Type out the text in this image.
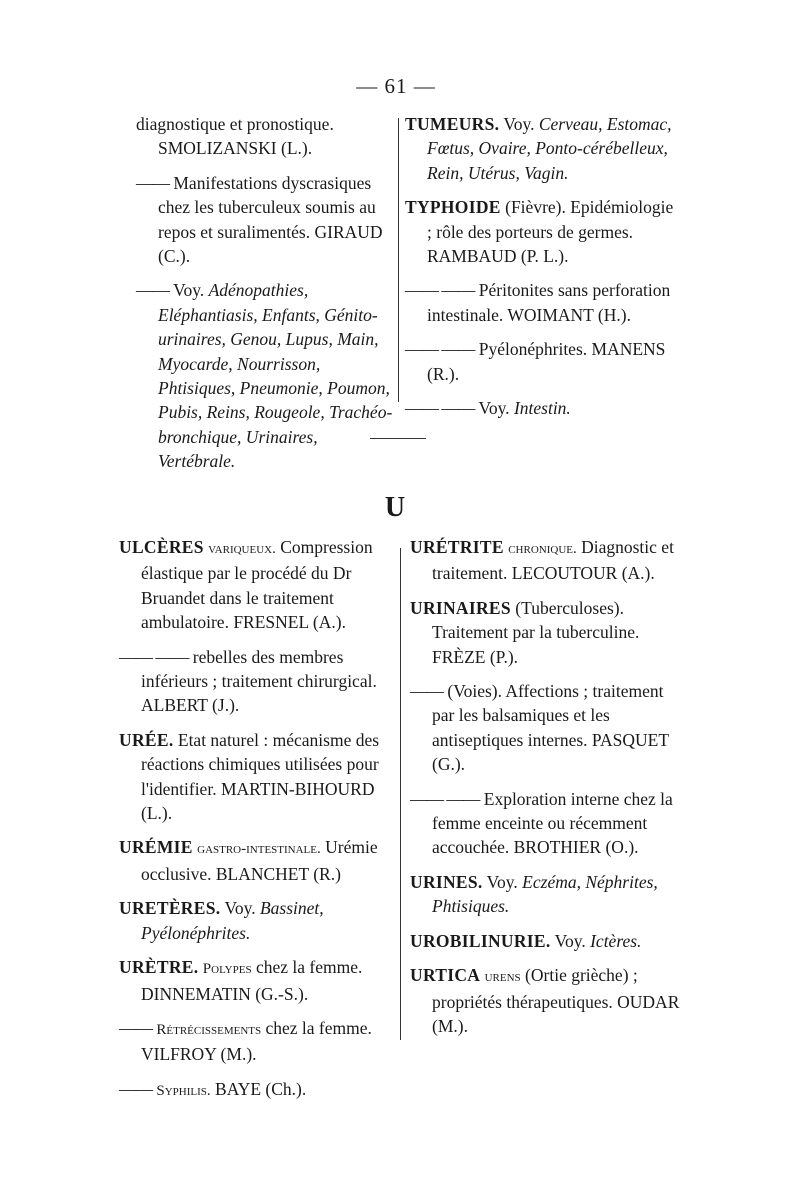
— 61 —
diagnostique et pronostique. SMOLIZANSKI (L.).
—— Manifestations dyscrasiques chez les tuberculeux soumis au repos et suralimentés. GIRAUD (C.).
—— Voy. Adénopathies, Eléphantiasis, Enfants, Génito-urinaires, Genou, Lupus, Main, Myocarde, Nourrisson, Phtisiques, Pneumonie, Poumon, Pubis, Reins, Rougeole, Trachéo-bronchique, Urinaires, Vertébrale.
TUMEURS. Voy. Cerveau, Estomac, Fœtus, Ovaire, Ponto-cérébelleux, Rein, Utérus, Vagin.
TYPHOIDE (Fièvre). Epidémiologie ; rôle des porteurs de germes. RAMBAUD (P. L.).
—— —— Péritonites sans perforation intestinale. WOIMANT (H.).
—— —— Pyélonéphrites. MANENS (R.).
—— —— Voy. Intestin.
U
ULCÈRES variqueux. Compression élastique par le procédé du Dr Bruandet dans le traitement ambulatoire. FRESNEL (A.).
—— —— rebelles des membres inférieurs ; traitement chirurgical. ALBERT (J.).
URÉE. Etat naturel : mécanisme des réactions chimiques utilisées pour l'identifier. MARTIN-BIHOURD (L.).
URÉMIE gastro-intestinale. Urémie occlusive. BLANCHET (R.)
URETÈRES. Voy. Bassinet, Pyélonéphrites.
URÈTRE. Polypes chez la femme. DINNEMATIN (G.-S.).
—— Rétrécissements chez la femme. VILFROY (M.).
—— Syphilis. BAYE (Ch.).
URÉTRITE chronique. Diagnostic et traitement. LECOUTOUR (A.).
URINAIRES (Tuberculoses). Traitement par la tuberculine. FRÈZE (P.).
—— (Voies). Affections ; traitement par les balsamiques et les antiseptiques internes. PASQUET (G.).
—— —— Exploration interne chez la femme enceinte ou récemment accouchée. BROTHIER (O.).
URINES. Voy. Eczéma, Néphrites, Phtisiques.
UROBILINURIE. Voy. Ictères.
URTICA urens (Ortie grièche) ; propriétés thérapeutiques. OUDAR (M.).
